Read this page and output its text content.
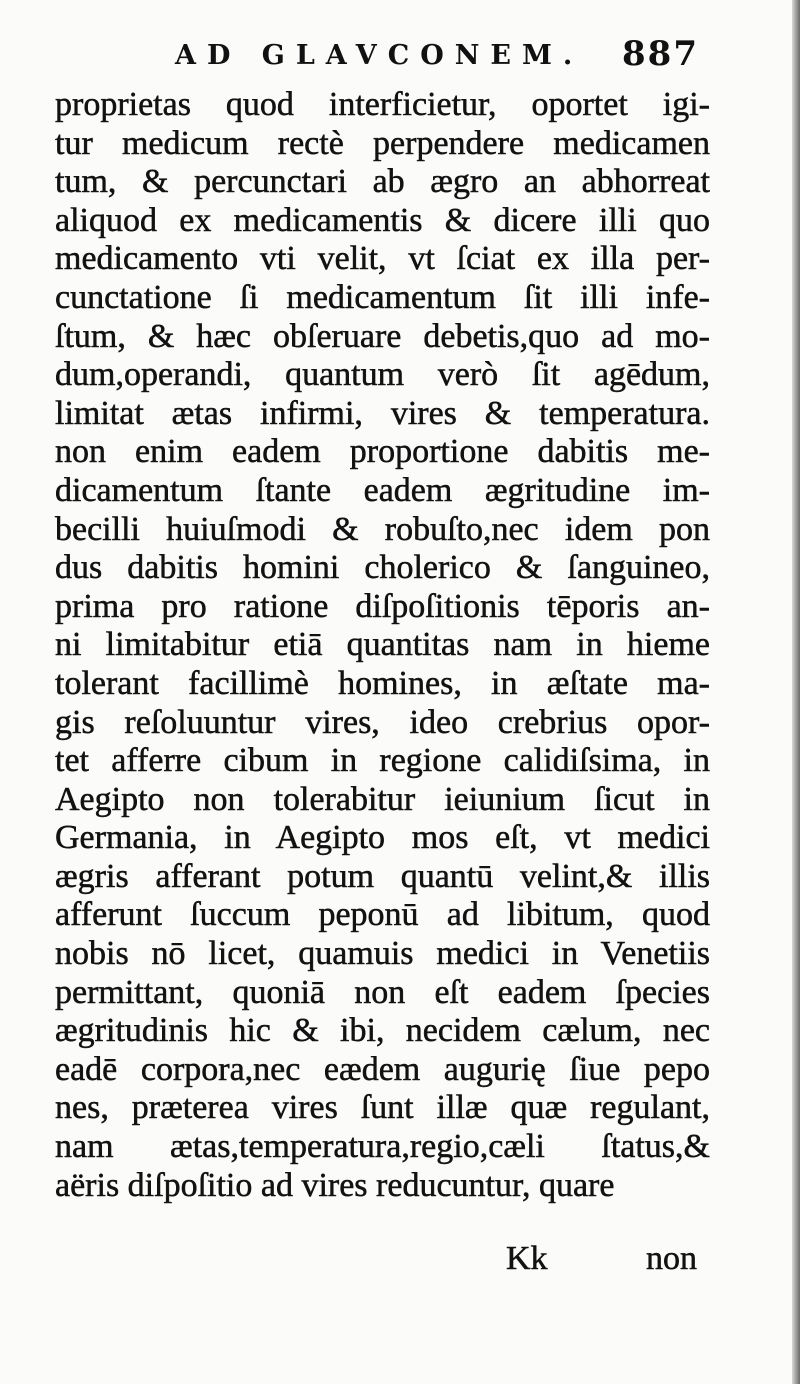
AD GLAVCONEM. 887
proprietas quod interficietur, oportet igi-
tur medicum rectè perpendere medicamen
tum, & percunctari ab ægro an abhorreat
aliquod ex medicamentis & dicere illi quo
medicamento vti velit, vt ſciat ex illa per-
cunctatione ſi medicamentum ſit illi infe-
ſtum, & hæc obſeruare debetis,quo ad mo-
dum,operandi, quantum verò ſit agēdum,
limitat ætas infirmi, vires & temperatura.
non enim eadem proportione dabitis me-
dicamentum ſtante eadem ægritudine im-
becilli huiuſmodi & robuſto,nec idem pon
dus dabitis homini cholerico & ſanguineo,
prima pro ratione diſpoſitionis tēporis an-
ni limitabitur etiā quantitas nam in hieme
tolerant facillimè homines, in æſtate ma-
gis reſoluuntur vires, ideo crebrius opor-
tet afferre cibum in regione calidiſsima, in
Aegipto non tolerabitur ieiunium ſicut in
Germania, in Aegipto mos eſt, vt medici
ægris afferant potum quantū velint,& illis
afferunt ſuccum peponū ad libitum, quod
nobis nō licet, quamuis medici in Venetiis
permittant, quoniā non eſt eadem ſpecies
ægritudinis hic & ibi, necidem cælum, nec
eadē corpora,nec eædem augurię ſiue pepo
nes, præterea vires ſunt illæ quæ regulant,
nam ætas,temperatura,regio,cæli ſtatus,&
aëris diſpoſitio ad vires reducuntur, quare
Kk	non
